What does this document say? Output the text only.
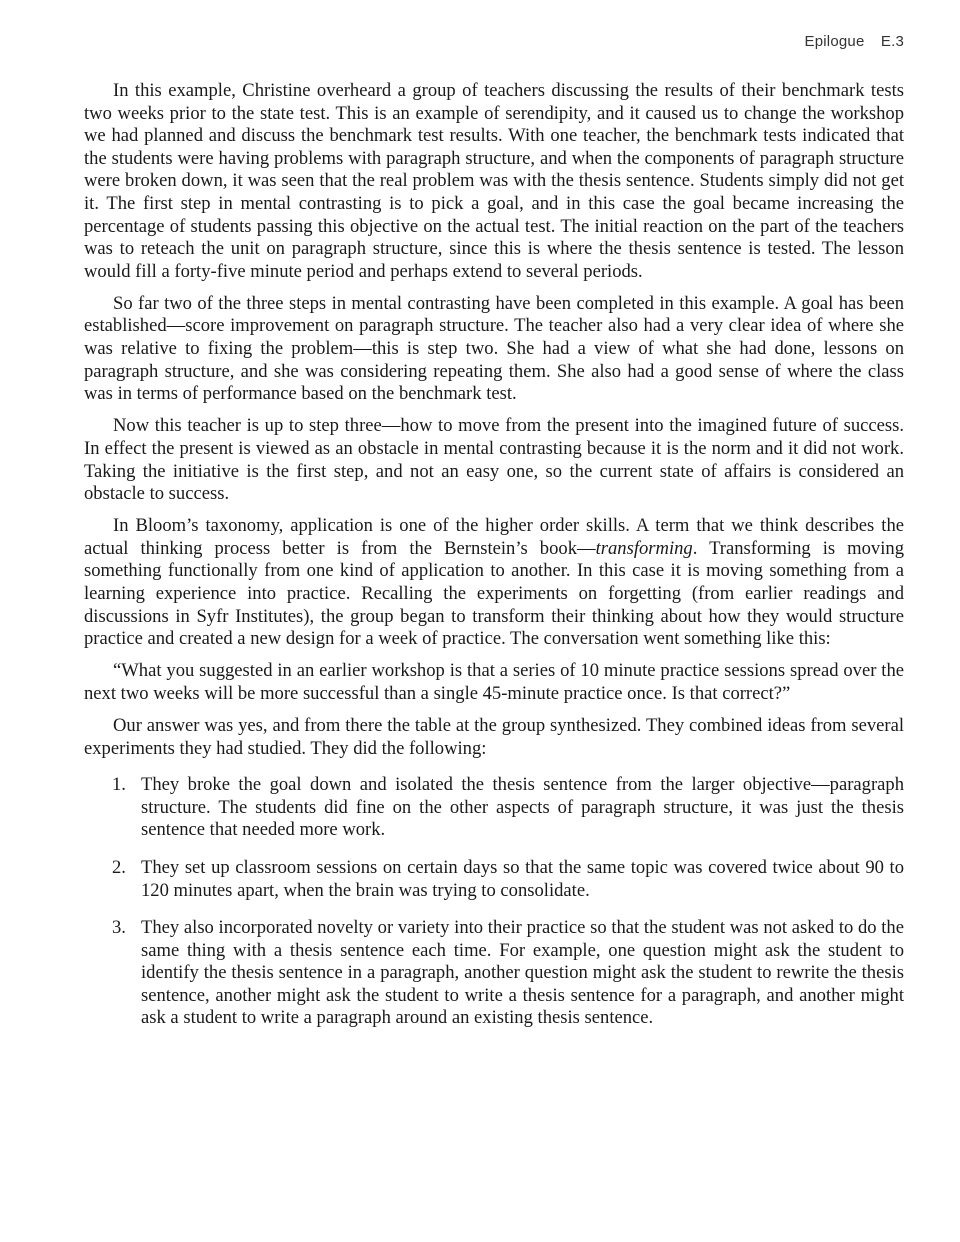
Epilogue E.3

In this example, Christine overheard a group of teachers discussing the results of their benchmark tests two weeks prior to the state test. This is an example of serendipity, and it caused us to change the workshop we had planned and discuss the benchmark test results. With one teacher, the benchmark tests indicated that the students were having problems with paragraph structure, and when the components of paragraph structure were broken down, it was seen that the real problem was with the thesis sentence. Students simply did not get it. The first step in mental contrasting is to pick a goal, and in this case the goal became increasing the percentage of students passing this objective on the actual test. The initial reaction on the part of the teachers was to reteach the unit on paragraph structure, since this is where the thesis sentence is tested. The lesson would fill a forty-five minute period and perhaps extend to several periods.

So far two of the three steps in mental contrasting have been completed in this example. A goal has been established—score improvement on paragraph structure. The teacher also had a very clear idea of where she was relative to fixing the problem—this is step two. She had a view of what she had done, lessons on paragraph structure, and she was considering repeating them. She also had a good sense of where the class was in terms of performance based on the benchmark test.

Now this teacher is up to step three—how to move from the present into the imagined future of success. In effect the present is viewed as an obstacle in mental contrasting because it is the norm and it did not work. Taking the initiative is the first step, and not an easy one, so the current state of affairs is considered an obstacle to success.

In Bloom’s taxonomy, application is one of the higher order skills. A term that we think describes the actual thinking process better is from the Bernstein’s book—transforming. Transforming is moving something functionally from one kind of application to another. In this case it is moving something from a learning experience into practice. Recalling the experiments on forgetting (from earlier readings and discussions in Syfr Institutes), the group began to transform their thinking about how they would structure practice and created a new design for a week of practice. The conversation went something like this:

“What you suggested in an earlier workshop is that a series of 10 minute practice sessions spread over the next two weeks will be more successful than a single 45-minute practice once. Is that correct?”

Our answer was yes, and from there the table at the group synthesized. They combined ideas from several experiments they had studied. They did the following:

1. They broke the goal down and isolated the thesis sentence from the larger objective—paragraph structure. The students did fine on the other aspects of paragraph structure, it was just the thesis sentence that needed more work.
2. They set up classroom sessions on certain days so that the same topic was covered twice about 90 to 120 minutes apart, when the brain was trying to consolidate.
3. They also incorporated novelty or variety into their practice so that the student was not asked to do the same thing with a thesis sentence each time. For example, one question might ask the student to identify the thesis sentence in a paragraph, another question might ask the student to rewrite the thesis sentence, another might ask the student to write a thesis sentence for a paragraph, and another might ask a student to write a paragraph around an existing thesis sentence.
